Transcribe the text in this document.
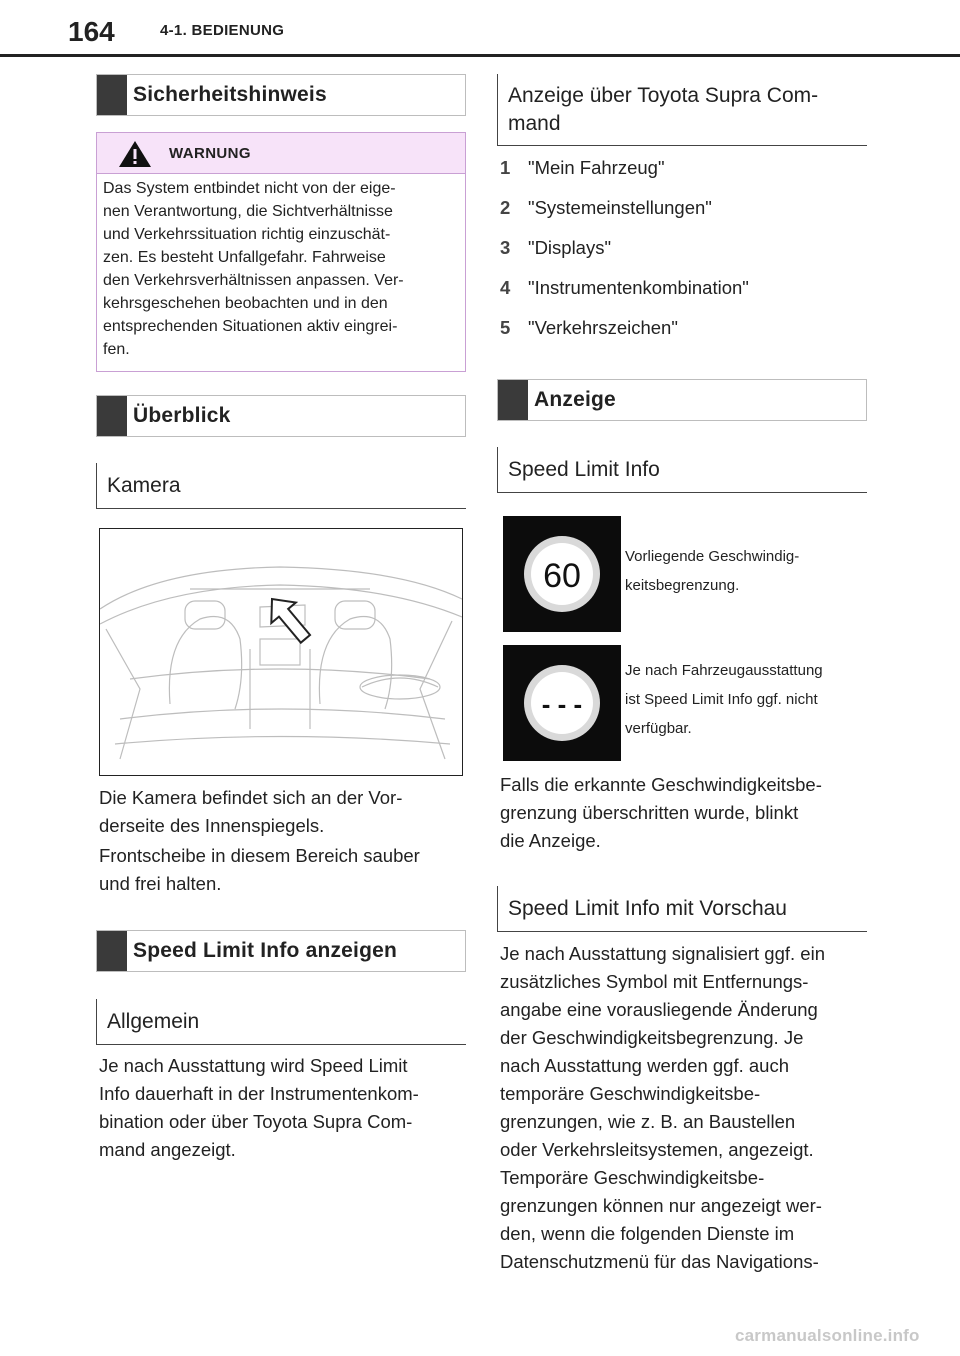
164	4-1. BEDIENUNG
Sicherheitshinweis
WARNUNG
Das System entbindet nicht von der eige-
nen Verantwortung, die Sichtverhältnisse
und Verkehrssituation richtig einzuschät-
zen. Es besteht Unfallgefahr. Fahrweise
den Verkehrsverhältnissen anpassen. Ver-
kehrsgeschehen beobachten und in den
entsprechenden Situationen aktiv eingrei-
fen.
Überblick
Kamera
Die Kamera befindet sich an der Vor-
derseite des Innenspiegels.
Frontscheibe in diesem Bereich sauber
und frei halten.
Speed Limit Info anzeigen
Allgemein
Je nach Ausstattung wird Speed Limit
Info dauerhaft in der Instrumentenkom-
bination oder über Toyota Supra Com-
mand angezeigt.
Anzeige über Toyota Supra Com-
mand
1 "Mein Fahrzeug"
2 "Systemeinstellungen"
3 "Displays"
4 "Instrumentenkombination"
5 "Verkehrszeichen"
Anzeige
Speed Limit Info
60
Vorliegende Geschwindig-
keitsbegrenzung.
- - -
Je nach Fahrzeugausstattung
ist Speed Limit Info ggf. nicht
verfügbar.
Falls die erkannte Geschwindigkeitsbe-
grenzung überschritten wurde, blinkt
die Anzeige.
Speed Limit Info mit Vorschau
Je nach Ausstattung signalisiert ggf. ein
zusätzliches Symbol mit Entfernungs-
angabe eine vorausliegende Änderung
der Geschwindigkeitsbegrenzung. Je
nach Ausstattung werden ggf. auch
temporäre Geschwindigkeitsbe-
grenzungen, wie z. B. an Baustellen
oder Verkehrsleitsystemen, angezeigt.
Temporäre Geschwindigkeitsbe-
grenzungen können nur angezeigt wer-
den, wenn die folgenden Dienste im
Datenschutzmenü für das Navigations-
carmanualsonline.info
